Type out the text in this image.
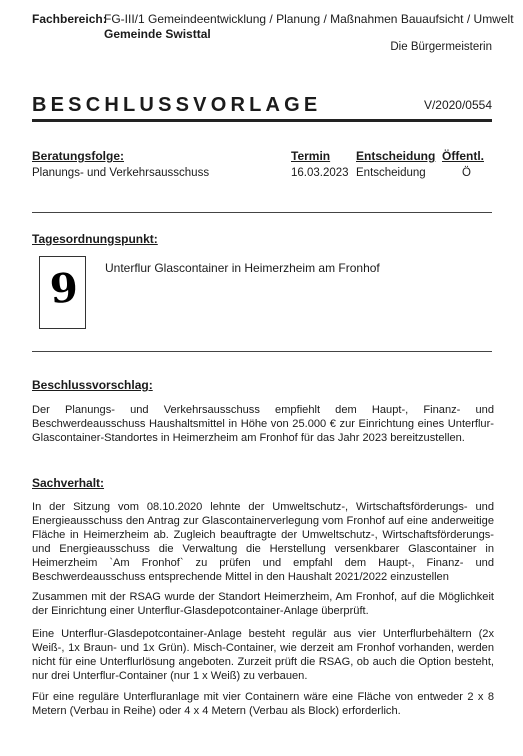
Fachbereich:
FG-III/1 Gemeindeentwicklung / Planung / Maßnahmen Bauaufsicht / Umwelt
Gemeinde Swisttal
Die Bürgermeisterin
BESCHLUSSVORLAGE	V/2020/0554
Beratungsfolge:	Termin Entscheidung Öffentl.
Planungs- und Verkehrsausschuss	16.03.2023 Entscheidung	Ö
Tagesordnungspunkt:
9 Unterflur Glascontainer in Heimerzheim am Fronhof
Beschlussvorschlag:
Der Planungs- und Verkehrsausschuss empfiehlt dem Haupt-, Finanz- und Beschwerdeausschuss Haushaltsmittel in Höhe von 25.000 € zur Einrichtung eines Unterflur-Glascontainer-Standortes in Heimerzheim am Fronhof für das Jahr 2023 bereitzustellen.
Sachverhalt:
In der Sitzung vom 08.10.2020 lehnte der Umweltschutz-, Wirtschaftsförderungs- und Energieausschuss den Antrag zur Glascontainerverlegung vom Fronhof auf eine anderweitige Fläche in Heimerzheim ab. Zugleich beauftragte der Umweltschutz-, Wirtschaftsförderungs- und Energieausschuss die Verwaltung die Herstellung versenkbarer Glascontainer in Heimerzheim `Am Fronhof` zu prüfen und empfahl dem Haupt-, Finanz- und Beschwerdeausschuss entsprechende Mittel in den Haushalt 2021/2022 einzustellen
Zusammen mit der RSAG wurde der Standort Heimerzheim, Am Fronhof, auf die Möglichkeit der Einrichtung einer Unterflur-Glasdepotcontainer-Anlage überprüft.
Eine Unterflur-Glasdepotcontainer-Anlage besteht regulär aus vier Unterflurbehältern (2x Weiß-, 1x Braun- und 1x Grün). Misch-Container, wie derzeit am Fronhof vorhanden, werden nicht für eine Unterflurlösung angeboten. Zurzeit prüft die RSAG, ob auch die Option besteht, nur drei Unterflur-Container (nur 1 x Weiß) zu verbauen.
Für eine reguläre Unterfluranlage mit vier Containern wäre eine Fläche von entweder 2 x 8 Metern (Verbau in Reihe) oder 4 x 4 Metern (Verbau als Block) erforderlich.
